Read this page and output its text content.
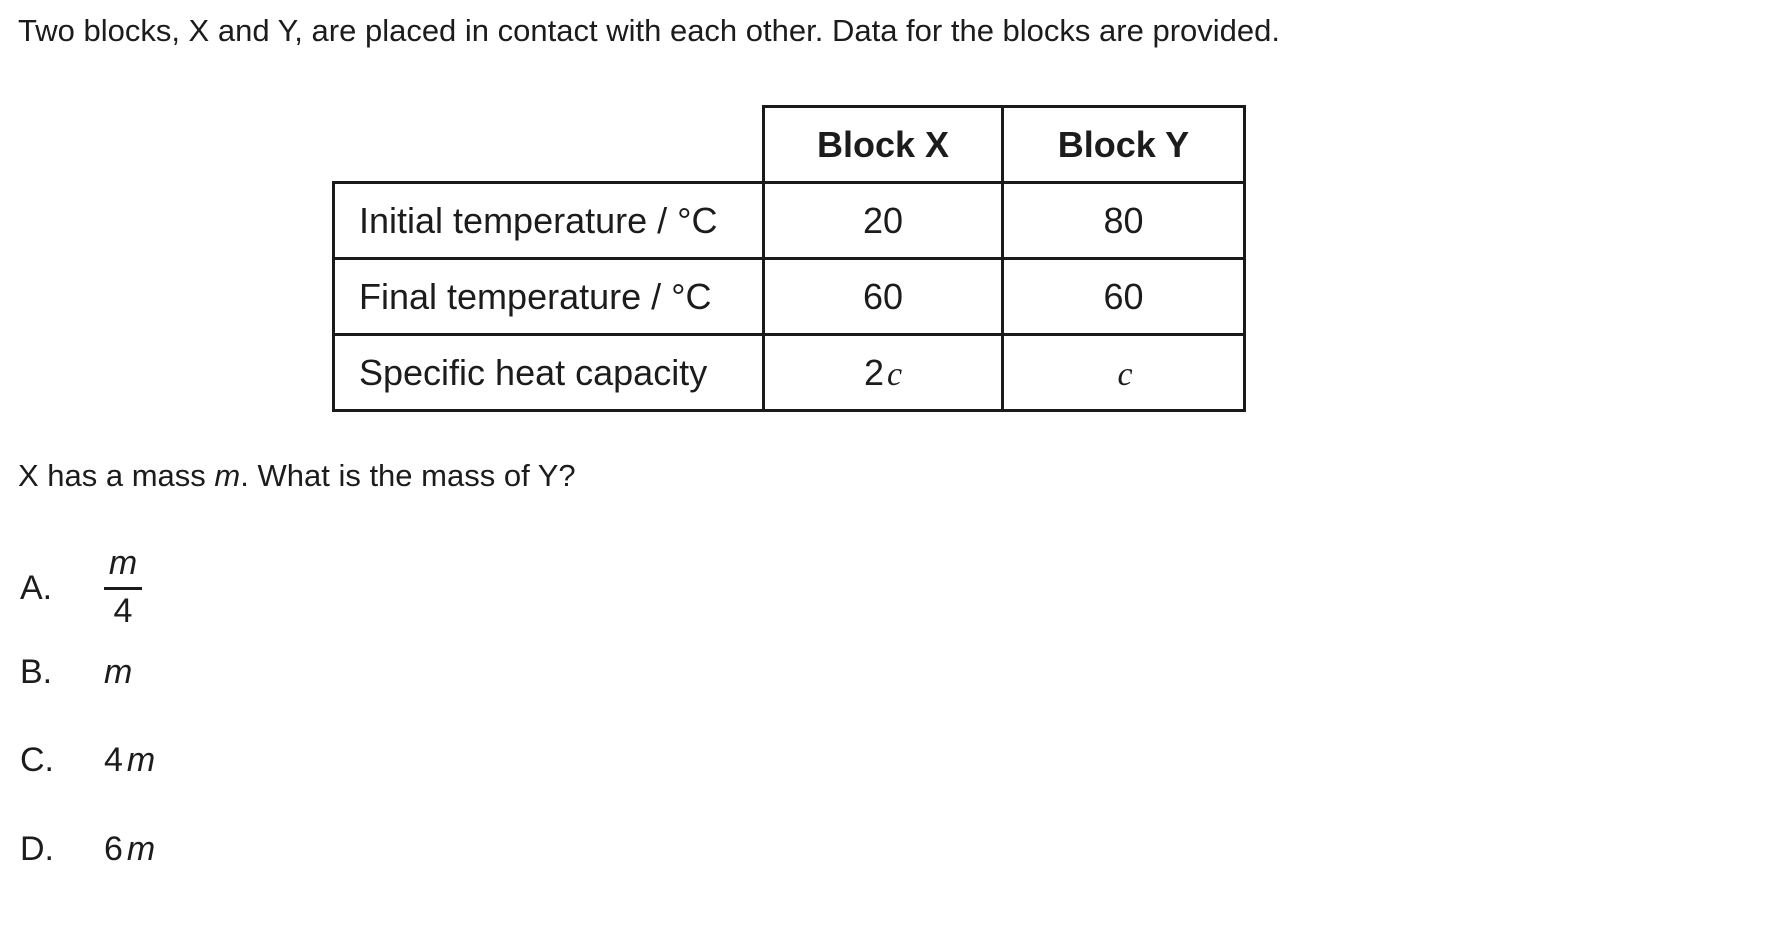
Two blocks, X and Y, are placed in contact with each other. Data for the blocks are provided.

	Block X	Block Y
Initial temperature / °C	20	80
Final temperature / °C	60	60
Specific heat capacity	2c	c

X has a mass m. What is the mass of Y?

A.	$\frac{m}{4}$
B.	m
C.	4 m
D.	6 m
